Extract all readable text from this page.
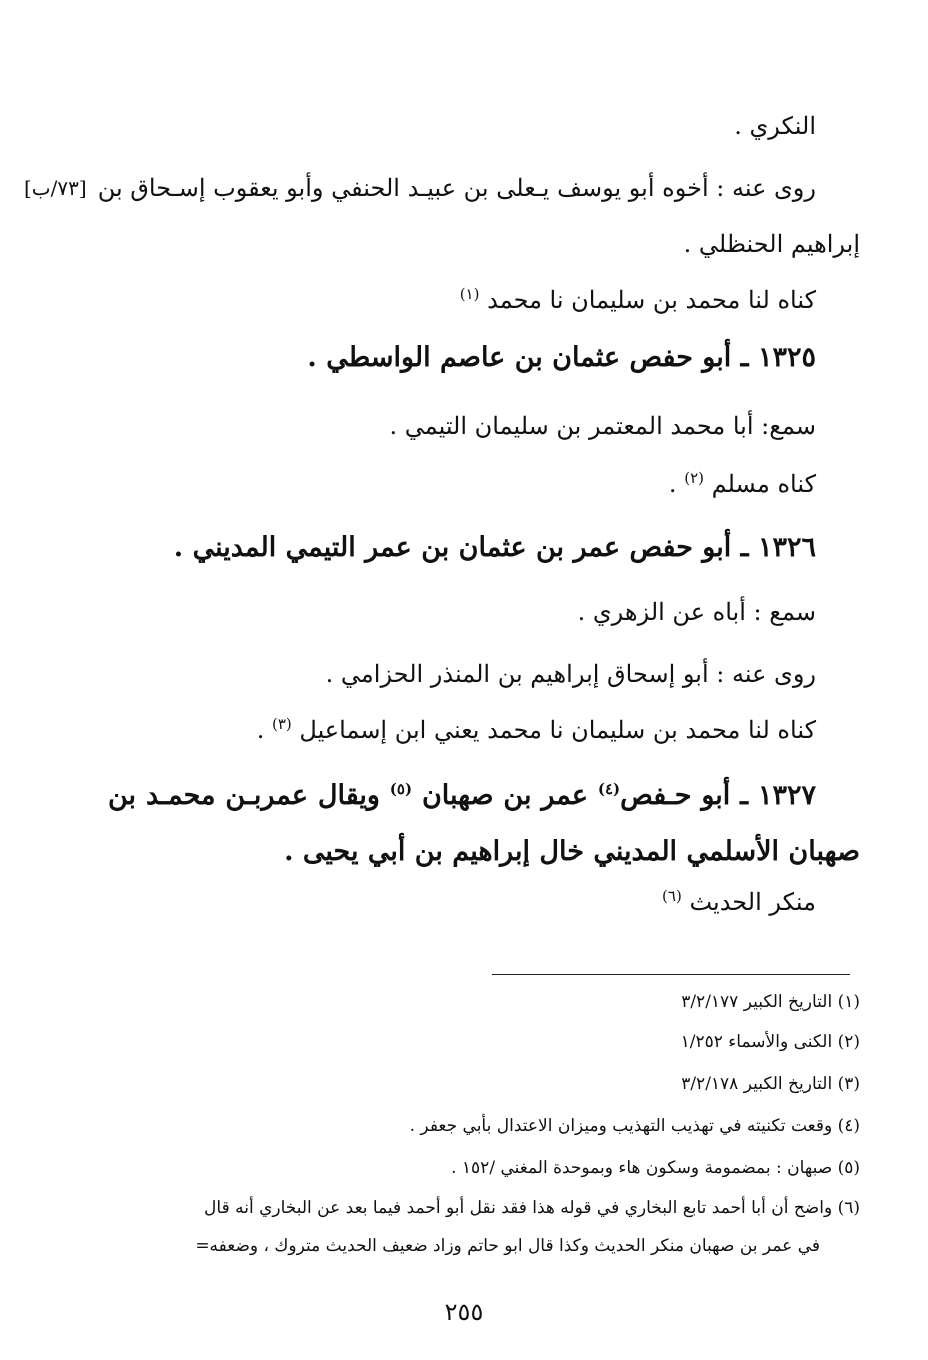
النكري .
روى عنه : أخوه أبو يوسف يـعلى بن عبيـد الحنفي وأبو يعقوب إسـحاق بن
[٧٣/ب]
إبراهيم الحنظلي .
كناه لنا محمد بن سليمان نا محمد $^{(١)}$
١٣٢٥ ـ أبو حفص عثمان بن عاصم الواسطي .
سمع: أبا محمد المعتمر بن سليمان التيمي .
كناه مسلم $^{(٢)}$ .
١٣٢٦ ـ أبو حفص عمر بن عثمان بن عمر التيمي المديني .
سمع : أباه عن الزهري .
روى عنه : أبو إسحاق إبراهيم بن المنذر الحزامي .
كناه لنا محمد بن سليمان نا محمد يعني ابن إسماعيل $^{(٣)}$ .
١٣٢٧ ـ أبو حـفص$^{(٤)}$ عمر بن صهبان $^{(٥)}$ ويقال عمربـن محمـد بن صهبان الأسلمي المديني خال إبراهيم بن أبي يحيى .
منكر الحديث $^{(٦)}$
(١) التاريخ الكبير ٣/٢/١٧٧
(٢) الكنى والأسماء ١/٢٥٢
(٣) التاريخ الكبير ٣/٢/١٧٨
(٤) وقعت تكنيته في تهذيب التهذيب وميزان الاعتدال بأبي جعفر .
(٥) صبهان : بمضمومة وسكون هاء وبموحدة المغني /١٥٢ .
(٦) واضح أن أبا أحمد تابع البخاري في قوله هذا فقد نقل أبو أحمد فيما بعد عن البخاري أنه قال
في عمر بن صهبان منكر الحديث وكذا قال ابو حاتم وزاد ضعيف الحديث متروك ، وضعفه=
٢٥٥
